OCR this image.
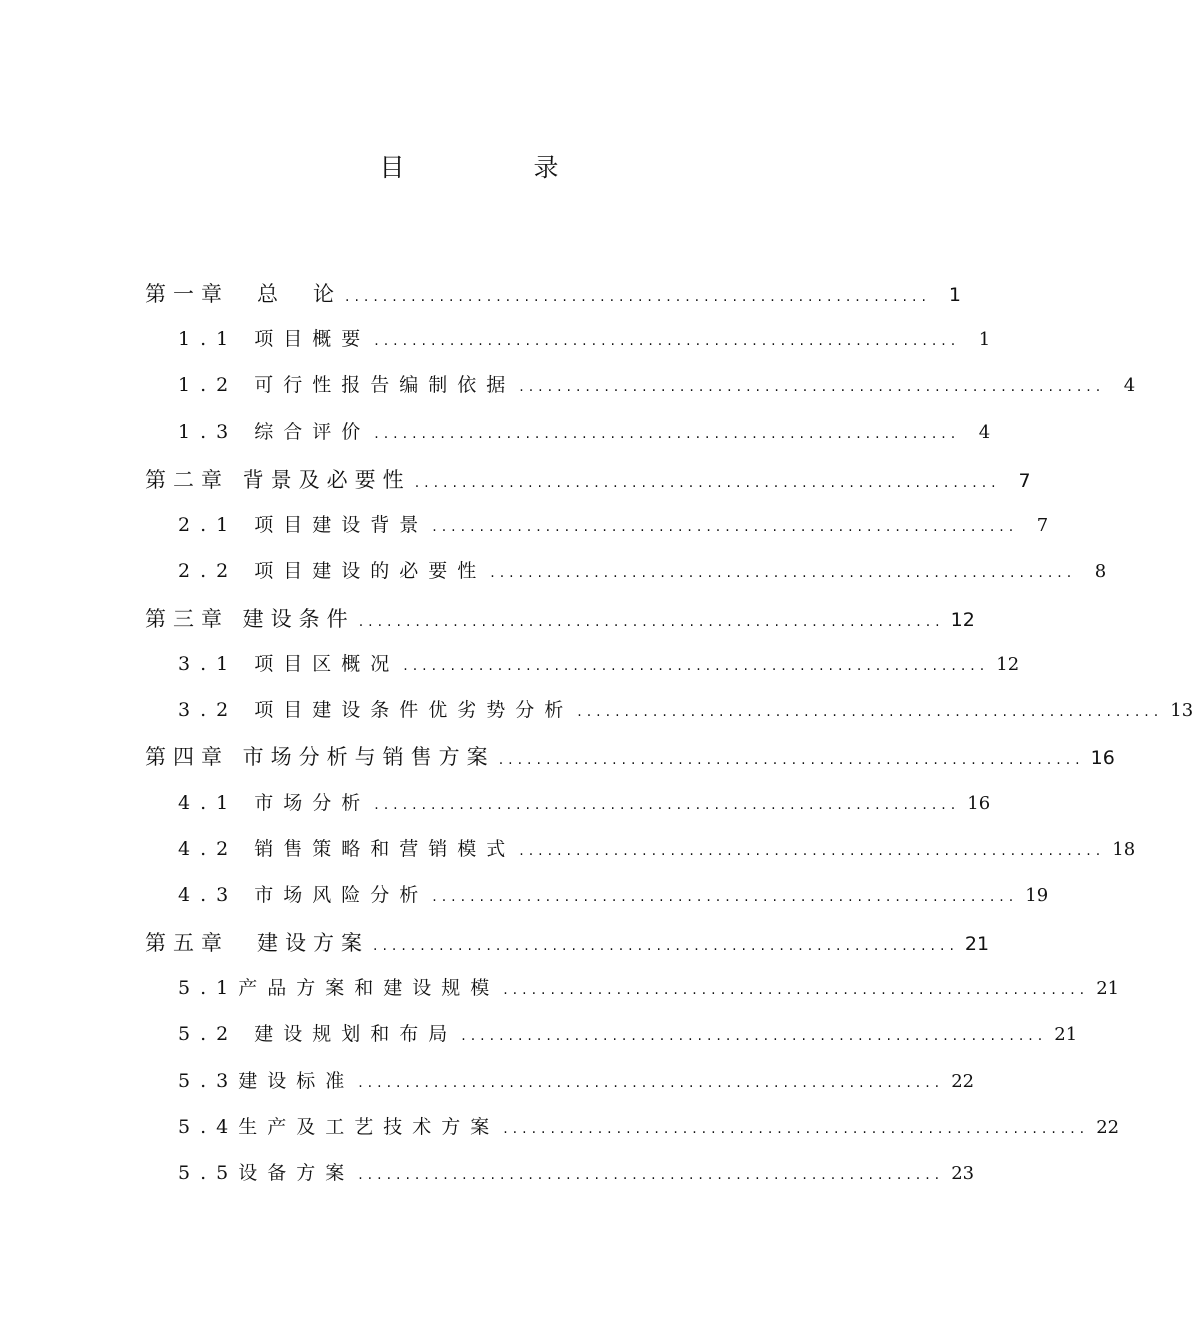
目　录
第一章　总　论 .............................................................. 1
1.1 项目概要 ..............................................................	1
1.2 可行性报告编制依据 ..............................................................	4
1.3 综合评价 ..............................................................	4
第二章 背景及必要性 .............................................................. 7
2.1 项目建设背景 ..............................................................	7
2.2 项目建设的必要性 ..............................................................	8
第三章 建设条件 .............................................................. 12
3.1 项目区概况 .............................................................. 12
3.2 项目建设条件优劣势分析 .............................................................. 13
第四章 市场分析与销售方案 .............................................................. 16
4.1 市场分析 .............................................................. 16
4.2 销售策略和营销模式 .............................................................. 18
4.3 市场风险分析 .............................................................. 19
第五章　建设方案 .............................................................. 21
5.1产品方案和建设规模 .............................................................. 21
5.2 建设规划和布局 .............................................................. 21
5.3建设标准 .............................................................. 22
5.4生产及工艺技术方案 .............................................................. 22
5.5设备方案 .............................................................. 23
